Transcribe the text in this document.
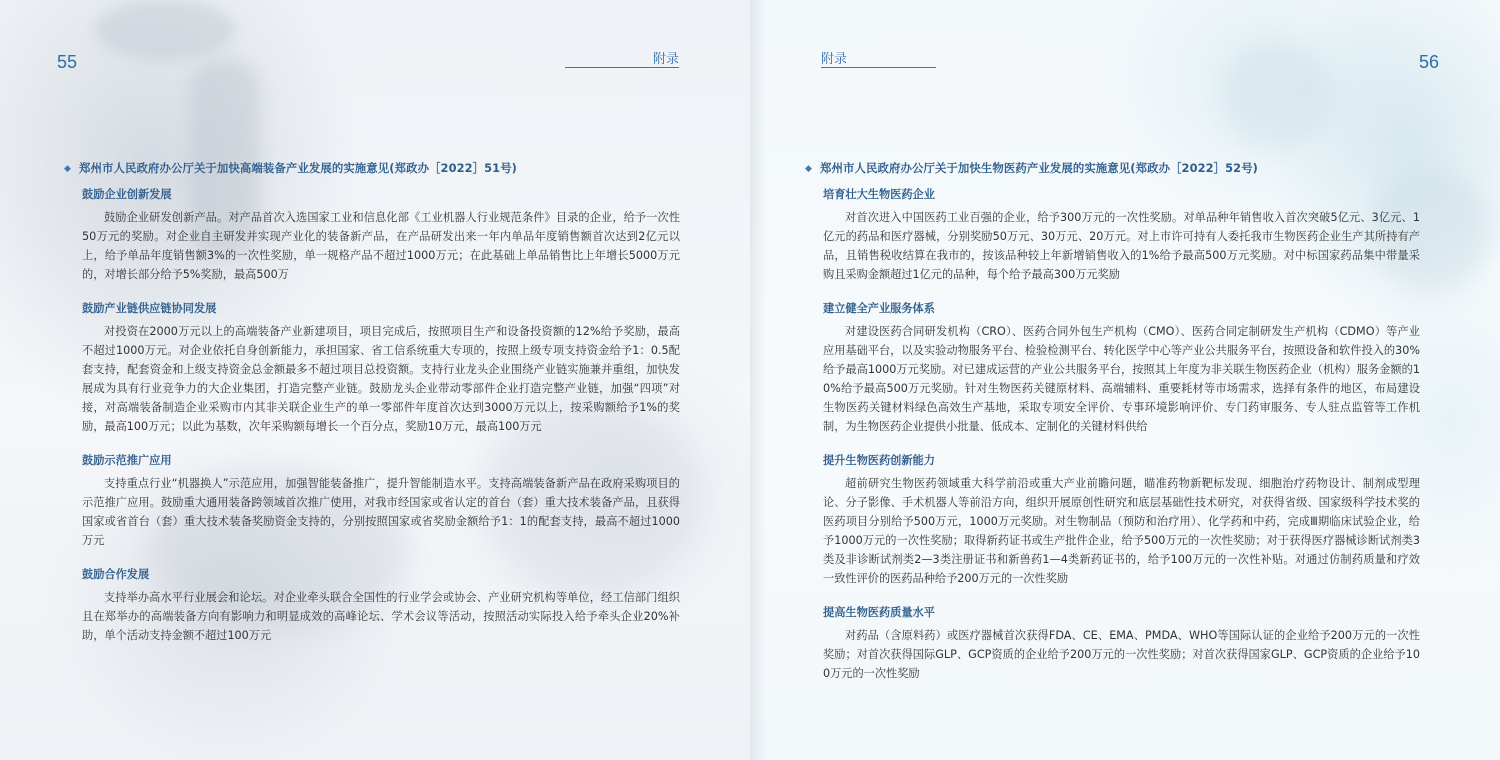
55	附录
◆ 郑州市人民政府办公厅关于加快高端装备产业发展的实施意见(郑政办［2022］51号)
鼓励企业创新发展

鼓励企业研发创新产品。对产品首次入选国家工业和信息化部《工业机器人行业规范条件》目录的企业，给予一次性50万元的奖励。对企业自主研发并实现产业化的装备新产品，在产品研发出来一年内单品年度销售额首次达到2亿元以上，给予单品年度销售额3%的一次性奖励，单一规格产品不超过1000万元；在此基础上单品销售比上年增长5000万元的，对增长部分给予5%奖励，最高500万

鼓励产业链供应链协同发展

对投资在2000万元以上的高端装备产业新建项目，项目完成后，按照项目生产和设备投资额的12%给予奖励，最高不超过1000万元。对企业依托自身创新能力，承担国家、省工信系统重大专项的，按照上级专项支持资金给予1：0.5配套支持，配套资金和上级支持资金总金额最多不超过项目总投资额。支持行业龙头企业围绕产业链实施兼并重组，加快发展成为具有行业竞争力的大企业集团，打造完整产业链。鼓励龙头企业带动零部件企业打造完整产业链，加强“四项”对接，对高端装备制造企业采购市内其非关联企业生产的单一零部件年度首次达到3000万元以上，按采购额给予1%的奖励，最高100万元；以此为基数，次年采购额每增长一个百分点，奖励10万元，最高100万元

鼓励示范推广应用

支持重点行业“机器换人”示范应用，加强智能装备推广，提升智能制造水平。支持高端装备新产品在政府采购项目的示范推广应用。鼓励重大通用装备跨领域首次推广使用，对我市经国家或省认定的首台（套）重大技术装备产品，且获得国家或省首台（套）重大技术装备奖励资金支持的，分别按照国家或省奖励金额给予1：1的配套支持，最高不超过1000万元

鼓励合作发展

支持举办高水平行业展会和论坛。对企业牵头联合全国性的行业学会或协会、产业研究机构等单位，经工信部门组织且在郑举办的高端装备方向有影响力和明显成效的高峰论坛、学术会议等活动，按照活动实际投入给予牵头企业20%补助，单个活动支持金额不超过100万元

附录	56
◆ 郑州市人民政府办公厅关于加快生物医药产业发展的实施意见(郑政办［2022］52号)
培育壮大生物医药企业

对首次进入中国医药工业百强的企业，给予300万元的一次性奖励。对单品种年销售收入首次突破5亿元、3亿元、1亿元的药品和医疗器械，分别奖励50万元、30万元、20万元。对上市许可持有人委托我市生物医药企业生产其所持有产品，且销售税收结算在我市的，按该品种较上年新增销售收入的1%给予最高500万元奖励。对中标国家药品集中带量采购且采购金额超过1亿元的品种，每个给予最高300万元奖励

建立健全产业服务体系

对建设医药合同研发机构（CRO）、医药合同外包生产机构（CMO）、医药合同定制研发生产机构（CDMO）等产业应用基础平台，以及实验动物服务平台、检验检测平台、转化医学中心等产业公共服务平台，按照设备和软件投入的30%给予最高1000万元奖励。对已建成运营的产业公共服务平台，按照其上年度为非关联生物医药企业（机构）服务金额的10%给予最高500万元奖励。针对生物医药关键原材料、高端辅料、重要耗材等市场需求，选择有条件的地区，布局建设生物医药关键材料绿色高效生产基地，采取专项安全评价、专事环境影响评价、专门药审服务、专人驻点监管等工作机制，为生物医药企业提供小批量、低成本、定制化的关键材料供给

提升生物医药创新能力

超前研究生物医药领域重大科学前沿或重大产业前瞻问题，瞄准药物新靶标发现、细胞治疗药物设计、制剂成型理论、分子影像、手术机器人等前沿方向，组织开展原创性研究和底层基础性技术研究，对获得省级、国家级科学技术奖的医药项目分别给予500万元，1000万元奖励。对生物制品（预防和治疗用）、化学药和中药，完成Ⅲ期临床试验企业，给予1000万元的一次性奖励；取得新药证书或生产批件企业，给予500万元的一次性奖励；对于获得医疗器械诊断试剂类3类及非诊断试剂类2—3类注册证书和新兽药1—4类新药证书的，给予100万元的一次性补贴。对通过仿制药质量和疗效一致性评价的医药品种给予200万元的一次性奖励

提高生物医药质量水平

对药品（含原料药）或医疗器械首次获得FDA、CE、EMA、PMDA、WHO等国际认证的企业给予200万元的一次性奖励；对首次获得国际GLP、GCP资质的企业给予200万元的一次性奖励；对首次获得国家GLP、GCP资质的企业给予100万元的一次性奖励
